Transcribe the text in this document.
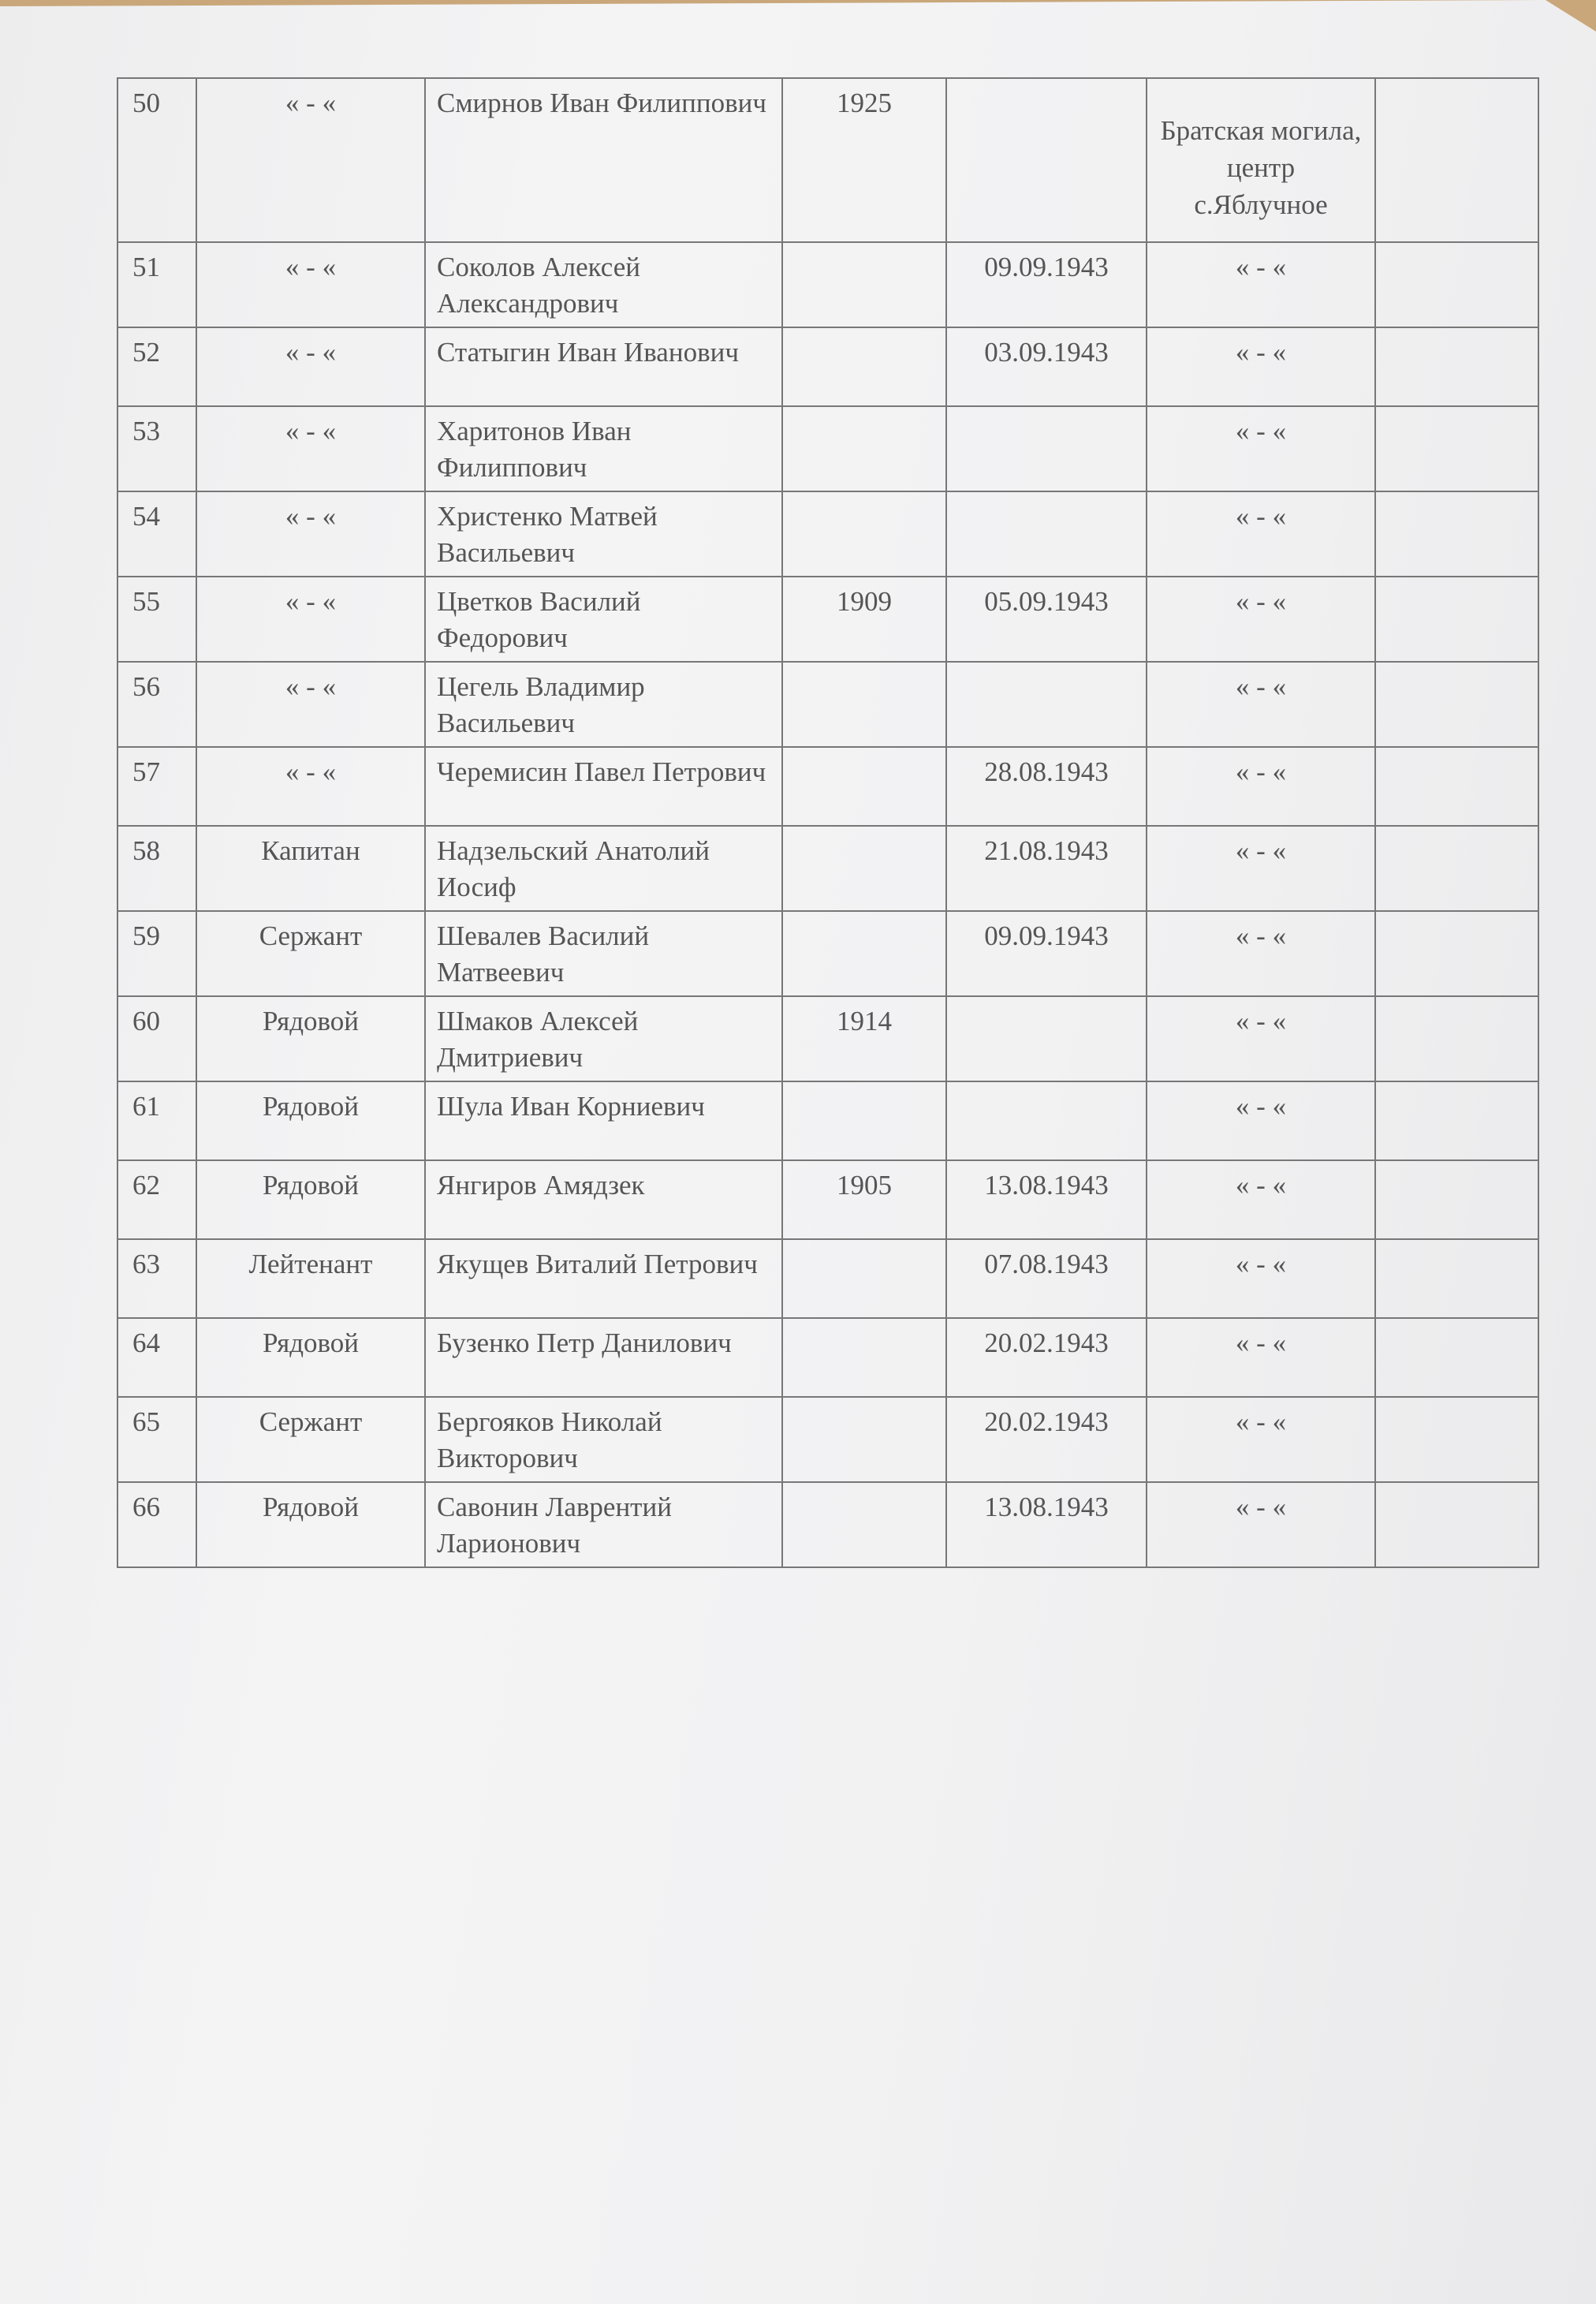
50	« - «	Смирнов Иван Филиппович	1925		Братская могила, центр с.Яблучное	
51	« - «	Соколов Алексей Александрович		09.09.1943	« - «	
52	« - «	Статыгин Иван Иванович		03.09.1943	« - «	
53	« - «	Харитонов Иван Филиппович			« - «	
54	« - «	Христенко Матвей Васильевич			« - «	
55	« - «	Цветков Василий Федорович	1909	05.09.1943	« - «	
56	« - «	Цегель Владимир Васильевич			« - «	
57	« - «	Черемисин Павел Петрович		28.08.1943	« - «	
58	Капитан	Надзельский Анатолий Иосиф		21.08.1943	« - «	
59	Сержант	Шевалев Василий Матвеевич		09.09.1943	« - «	
60	Рядовой	Шмаков Алексей Дмитриевич	1914		« - «	
61	Рядовой	Шула Иван Корниевич			« - «	
62	Рядовой	Янгиров Амядзек	1905	13.08.1943	« - «	
63	Лейтенант	Якущев Виталий Петрович		07.08.1943	« - «	
64	Рядовой	Бузенко Петр Данилович		20.02.1943	« - «	
65	Сержант	Бергояков Николай Викторович		20.02.1943	« - «	
66	Рядовой	Савонин Лаврентий Ларионович		13.08.1943	« - «	
